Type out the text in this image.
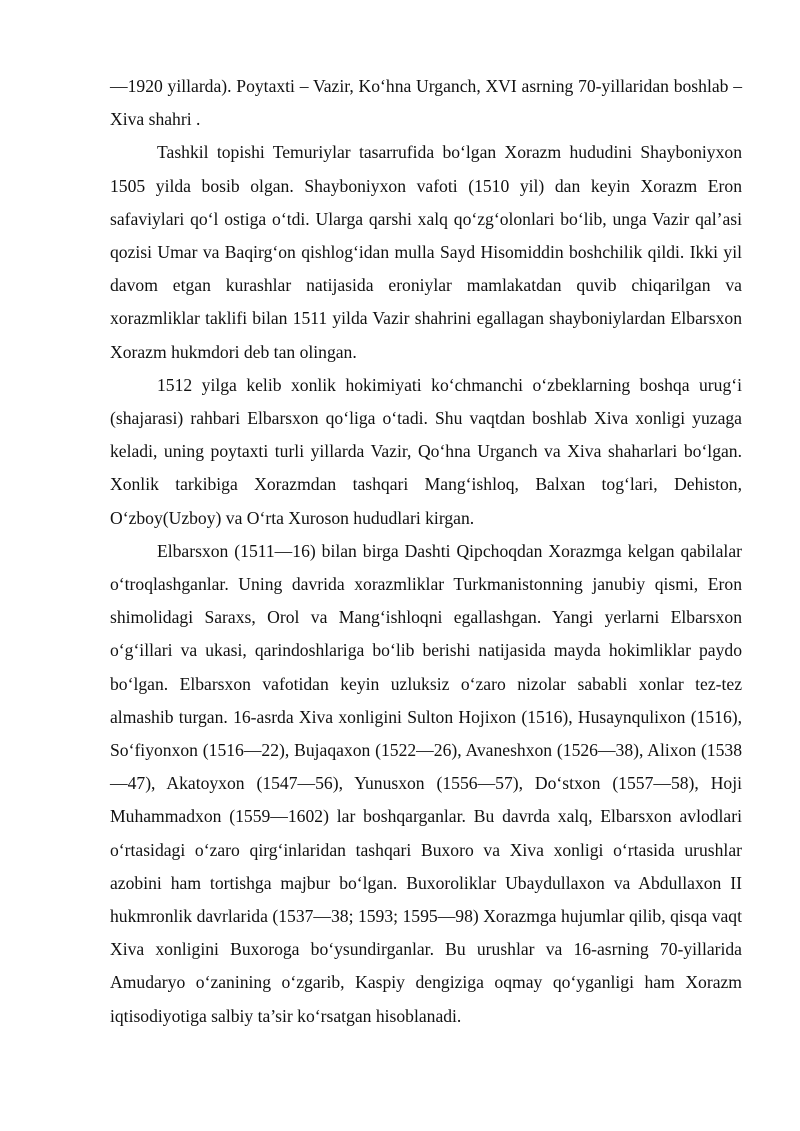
—1920 yillarda). Poytaxti – Vazir, Ko‘hna Urganch, XVI asrning 70-yillaridan boshlab – Xiva shahri .

Tashkil topishi Temuriylar tasarrufida bo‘lgan Xorazm hududini Shayboniyxon 1505 yilda bosib olgan. Shayboniyxon vafoti (1510 yil) dan keyin Xorazm Eron safaviylari qo‘l ostiga o‘tdi. Ularga qarshi xalq qo‘zg‘olonlari bo‘lib, unga Vazir qal’asi qozisi Umar va Baqirg‘on qishlog‘idan mulla Sayd Hisomiddin boshchilik qildi. Ikki yil davom etgan kurashlar natijasida eroniylar mamlakatdan quvib chiqarilgan va xorazmliklar taklifi bilan 1511 yilda Vazir shahrini egallagan shayboniylardan Elbarsxon Xorazm hukmdori deb tan olingan.

1512 yilga kelib xonlik hokimiyati ko‘chmanchi o‘zbeklarning boshqa urug‘i (shajarasi) rahbari Elbarsxon qo‘liga o‘tadi. Shu vaqtdan boshlab Xiva xonligi yuzaga keladi, uning poytaxti turli yillarda Vazir, Qo‘hna Urganch va Xiva shaharlari bo‘lgan. Xonlik tarkibiga Xorazmdan tashqari Mang‘ishloq, Balxan tog‘lari, Dehiston, O‘zboy(Uzboy) va O‘rta Xuroson hududlari kirgan.

Elbarsxon (1511—16) bilan birga Dashti Qipchoqdan Xorazmga kelgan qabilalar o‘troqlashganlar. Uning davrida xorazmliklar Turkmanistonning janubiy qismi, Eron shimolidagi Saraxs, Orol va Mang‘ishloqni egallashgan. Yangi yerlarni Elbarsxon o‘g‘illari va ukasi, qarindoshlariga bo‘lib berishi natijasida mayda hokimliklar paydo bo‘lgan. Elbarsxon vafotidan keyin uzluksiz o‘zaro nizolar sababli xonlar tez-tez almashib turgan. 16-asrda Xiva xonligini Sulton Hojixon (1516), Husaynqulixon (1516), So‘fiyonxon (1516—22), Bujaqaxon (1522—26), Avaneshxon (1526—38), Alixon (1538—47), Akatoyxon (1547—56), Yunusxon (1556—57), Do‘stxon (1557—58), Hoji Muhammadxon (1559—1602) lar boshqarganlar. Bu davrda xalq, Elbarsxon avlodlari o‘rtasidagi o‘zaro qirg‘inlaridan tashqari Buxoro va Xiva xonligi o‘rtasida urushlar azobini ham tortishga majbur bo‘lgan. Buxoroliklar Ubaydullaxon va Abdullaxon II hukmronlik davrlarida (1537—38; 1593; 1595—98) Xorazmga hujumlar qilib, qisqa vaqt Xiva xonligini Buxoroga bo‘ysundirganlar. Bu urushlar va 16-asrning 70-yillarida Amudaryo o‘zanining o‘zgarib, Kaspiy dengiziga oqmay qo‘yganligi ham Xorazm iqtisodiyotiga salbiy ta’sir ko‘rsatgan hisoblanadi.
